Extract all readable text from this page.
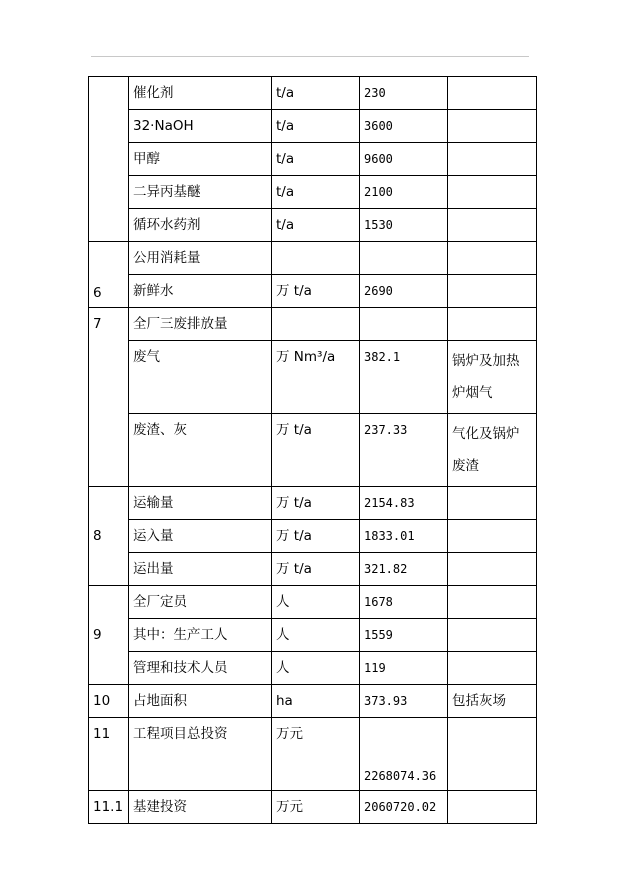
	催化剂	t/a	230	
	32·NaOH	t/a	3600	
	甲醇	t/a	9600	
	二异丙基醚	t/a	2100	
	循环水药剂	t/a	1530	
6	公用消耗量			
	新鲜水	万 t/a	2690	
7	全厂三废排放量			
	废气	万 Nm³/a	382.1	锅炉及加热炉烟气
	废渣、灰	万 t/a	237.33	气化及锅炉废渣
8	运输量	万 t/a	2154.83	
	运入量	万 t/a	1833.01	
	运出量	万 t/a	321.82	
9	全厂定员	人	1678	
	其中：生产工人	人	1559	
	管理和技术人员	人	119	
10	占地面积	ha	373.93	包括灰场
11	工程项目总投资	万元	2268074.36	
11.1	基建投资	万元	2060720.02	
